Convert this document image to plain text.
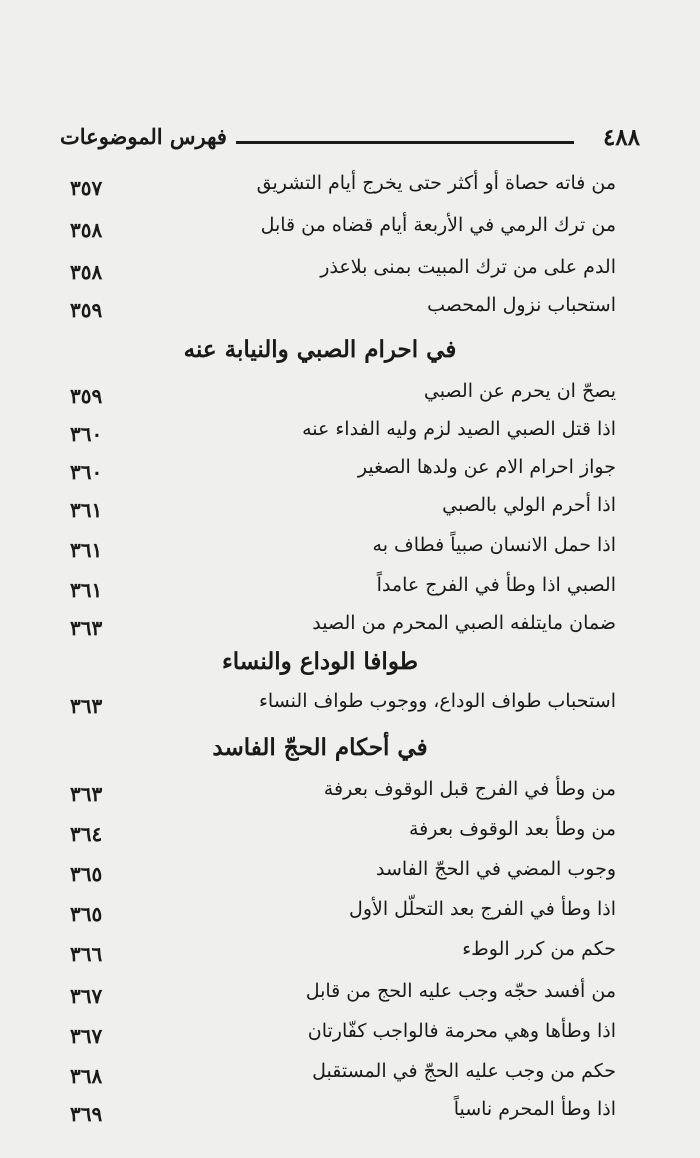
٤٨٨
فهرس الموضوعات
من فاته حصاة أو أكثر حتى يخرج أيام التشريق
٣٥٧
من ترك الرمي في الأربعة أيام قضاه من قابل
٣٥٨
الدم على من ترك المبيت بمنى بلاعذر
٣٥٨
استحباب نزول المحصب
٣٥٩
في احرام الصبي والنيابة عنه
يصحّ ان يحرم عن الصبي
٣٥٩
اذا قتل الصبي الصيد لزم وليه الفداء عنه
٣٦٠
جواز احرام الام عن ولدها الصغير
٣٦٠
اذا أحرم الولي بالصبي
٣٦١
اذا حمل الانسان صبياً فطاف به
٣٦١
الصبي اذا وطأ في الفرج عامداً
٣٦١
ضمان مايتلفه الصبي المحرم من الصيد
٣٦٣
طوافا الوداع والنساء
استحباب طواف الوداع، ووجوب طواف النساء
٣٦٣
في أحكام الحجّ الفاسد
من وطأ في الفرج قبل الوقوف بعرفة
٣٦٣
من وطأ بعد الوقوف بعرفة
٣٦٤
وجوب المضي في الحجّ الفاسد
٣٦٥
اذا وطأ في الفرج بعد التحلّل الأول
٣٦٥
حكم من كرر الوطء
٣٦٦
من أفسد حجّه وجب عليه الحج من قابل
٣٦٧
اذا وطأها وهي محرمة فالواجب كفّارتان
٣٦٧
حكم من وجب عليه الحجّ في المستقبل
٣٦٨
اذا وطأ المحرم ناسياً
٣٦٩
